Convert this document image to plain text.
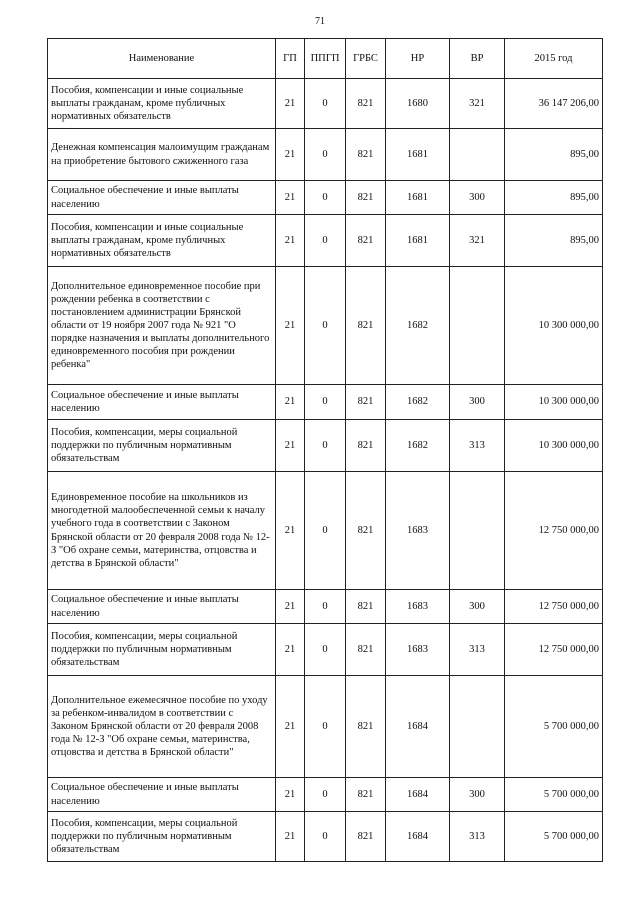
71
Наименование	ГП	ППГП	ГРБС	НР	ВР	2015 год
Пособия, компенсации и иные социальные выплаты гражданам, кроме публичных нормативных обязательств	21	0	821	1680	321	36 147 206,00
Денежная компенсация малоимущим гражданам на приобретение бытового сжиженного газа	21	0	821	1681		895,00
Социальное обеспечение и иные выплаты населению	21	0	821	1681	300	895,00
Пособия, компенсации и иные социальные выплаты гражданам, кроме публичных нормативных обязательств	21	0	821	1681	321	895,00
Дополнительное единовременное пособие при рождении ребенка в соответствии с постановлением администрации Брянской области от 19 ноября 2007 года № 921 "О порядке назначения и выплаты дополнительного единовременного пособия при рождении ребенка"	21	0	821	1682		10 300 000,00
Социальное обеспечение и иные выплаты населению	21	0	821	1682	300	10 300 000,00
Пособия, компенсации, меры социальной поддержки по публичным нормативным обязательствам	21	0	821	1682	313	10 300 000,00
Единовременное пособие на школьников из многодетной малообеспеченной семьи к началу учебного года в соответствии с Законом Брянской области от 20 февраля 2008 года № 12-З "Об охране семьи, материнства, отцовства и детства в Брянской области"	21	0	821	1683		12 750 000,00
Социальное обеспечение и иные выплаты населению	21	0	821	1683	300	12 750 000,00
Пособия, компенсации, меры социальной поддержки по публичным нормативным обязательствам	21	0	821	1683	313	12 750 000,00
Дополнительное ежемесячное пособие по уходу за ребенком-инвалидом в соответствии с Законом Брянской области от 20 февраля 2008 года № 12-З "Об охране семьи, материнства, отцовства и детства в Брянской области"	21	0	821	1684		5 700 000,00
Социальное обеспечение и иные выплаты населению	21	0	821	1684	300	5 700 000,00
Пособия, компенсации, меры социальной поддержки по публичным нормативным обязательствам	21	0	821	1684	313	5 700 000,00
